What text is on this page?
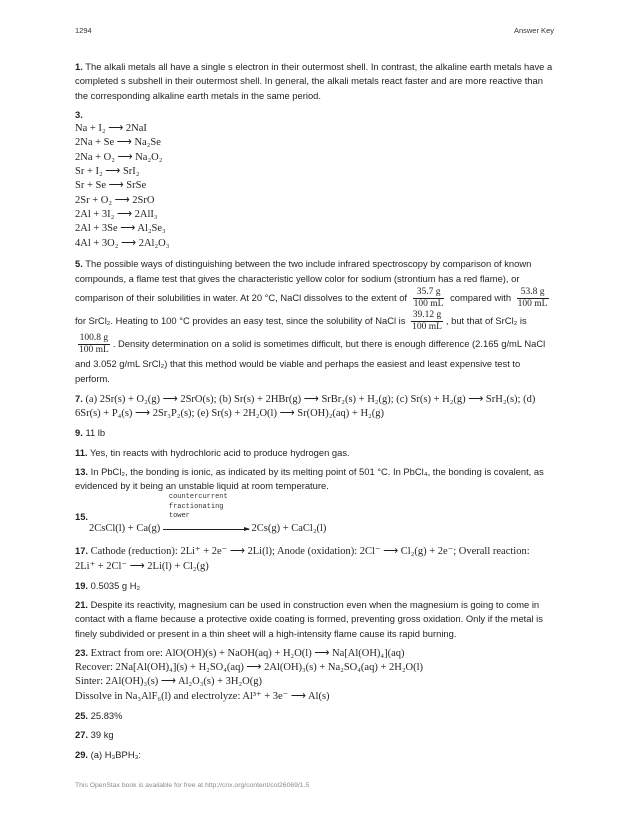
1294	Answer Key
1. The alkali metals all have a single s electron in their outermost shell. In contrast, the alkaline earth metals have a completed s subshell in their outermost shell. In general, the alkali metals react faster and are more reactive than the corresponding alkaline earth metals in the same period.
3.
Na + I₂ ⟶ 2NaI
2Na + Se ⟶ Na₂Se
2Na + O₂ ⟶ Na₂O₂
Sr + I₂ ⟶ SrI₂
Sr + Se ⟶ SrSe
2Sr + O₂ ⟶ 2SrO
2Al + 3I₂ ⟶ 2AlI₃
2Al + 3Se ⟶ Al₂Se₃
4Al + 3O₂ ⟶ 2Al₂O₃
5. The possible ways of distinguishing between the two include infrared spectroscopy by comparison of known compounds, a flame test that gives the characteristic yellow color for sodium (strontium has a red flame), or comparison of their solubilities in water. At 20 °C, NaCl dissolves to the extent of $\frac{35.7 g}{100 mL}$ compared with $\frac{53.8 g}{100 mL}$
for SrCl₂. Heating to 100 °C provides an easy test, since the solubility of NaCl is $\frac{39.12 g}{100 mL}$ , but that of SrCl₂ is
$\frac{100.8 g}{100 mL}$ . Density determination on a solid is sometimes difficult, but there is enough difference (2.165 g/mL NaCl and 3.052 g/mL SrCl₂) that this method would be viable and perhaps the easiest and least expensive test to perform.
7. (a) 2Sr(s) + O₂(g) ⟶ 2SrO(s); (b) Sr(s) + 2HBr(g) ⟶ SrBr₂(s) + H₂(g); (c) Sr(s) + H₂(g) ⟶ SrH₂(s); (d)
6Sr(s) + P₄(s) ⟶ 2Sr₃P₂(s); (e) Sr(s) + 2H₂O(l) ⟶ Sr(OH)₂(aq) + H₂(g)
9. 11 lb
11. Yes, tin reacts with hydrochloric acid to produce hydrogen gas.
13. In PbCl₂, the bonding is ionic, as indicated by its melting point of 501 °C. In PbCl₄, the bonding is covalent, as evidenced by it being an unstable liquid at room temperature.
15.
2CsCl(l) + Ca(g)
countercurrent
fractionating
tower
2Cs(g) + CaCl₂(l)
17. Cathode (reduction): 2Li⁺ + 2e⁻ ⟶ 2Li(l); Anode (oxidation): 2Cl⁻ ⟶ Cl₂(g) + 2e⁻; Overall reaction:
2Li⁺ + 2Cl⁻ ⟶ 2Li(l) + Cl₂(g)
19. 0.5035 g H₂
21. Despite its reactivity, magnesium can be used in construction even when the magnesium is going to come in contact with a flame because a protective oxide coating is formed, preventing gross oxidation. Only if the metal is finely subdivided or present in a thin sheet will a high-intensity flame cause its rapid burning.
23. Extract from ore: AlO(OH)(s) + NaOH(aq) + H₂O(l) ⟶ Na[Al(OH)₄](aq)
Recover: 2Na[Al(OH)₄](s) + H₂SO₄(aq) ⟶ 2Al(OH)₃(s) + Na₂SO₄(aq) + 2H₂O(l)
Sinter: 2Al(OH)₃(s) ⟶ Al₂O₃(s) + 3H₂O(g)
Dissolve in Na₃AlF₆(l) and electrolyze: Al³⁺ + 3e⁻ ⟶ Al(s)
25. 25.83%
27. 39 kg
29. (a) H₃BPH₃:
This OpenStax book is available for free at http://cnx.org/content/col26069/1.5
